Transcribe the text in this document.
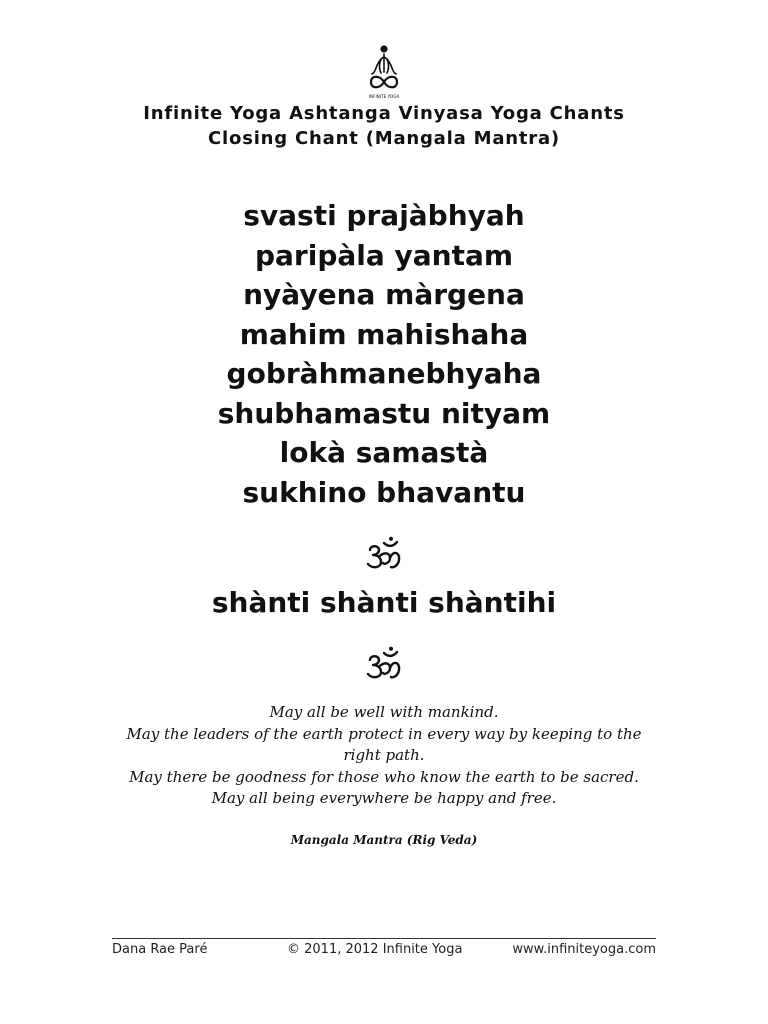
INFINITE YOGA
Infinite Yoga Ashtanga Vinyasa Yoga Chants
Closing Chant (Mangala Mantra)
svasti prajàbhyah
paripàla yantam
nyàyena màrgena
mahim mahishaha
gobràhmanebhyaha
shubhamastu nityam
lokà samastà
sukhino bhavantu
shànti shànti shàntihi
May all be well with mankind.
May the leaders of the earth protect in every way by keeping to the right path.
May there be goodness for those who know the earth to be sacred.
May all being everywhere be happy and free.
Mangala Mantra (Rig Veda)
Dana Rae Paré	© 2011, 2012 Infinite Yoga	www.infiniteyoga.com
